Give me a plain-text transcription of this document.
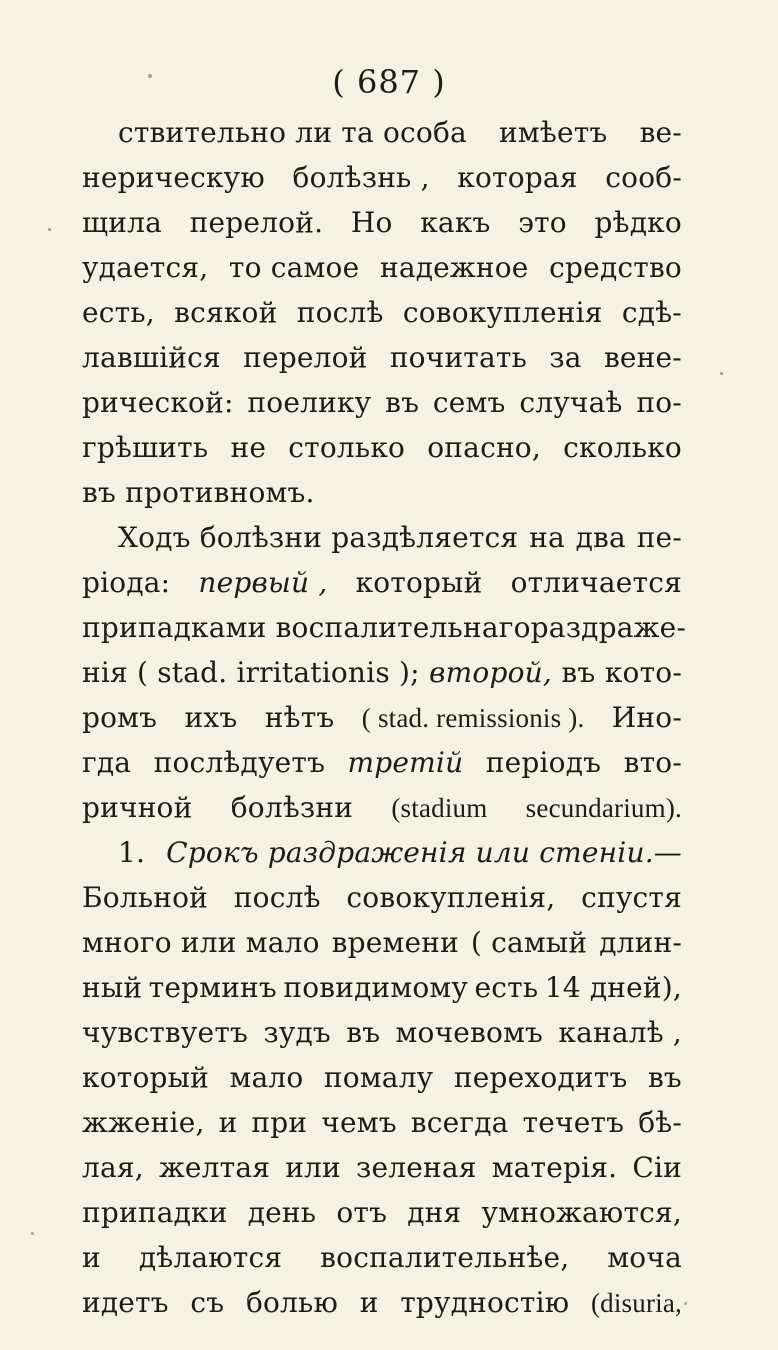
( 687 )
ствительно ли та особа имѣетъ ве-
нерическую болѣзнь , которая сооб-
щила перелой. Но какъ это рѣдко
удается, то самое надежное средство
есть, всякой послѣ совокупленія сдѣ-
лавшійся перелой почитать за вене-
рической: поелику въ семъ случаѣ по-
грѣшить не столько опасно, сколько
въ противномъ.
Ходъ болѣзни раздѣляется на два пе-
ріода: первый , который отличается
припадками воспалительнаго раздраже-
нія ( stad. irritationis ); второй, въ кото-
ромъ ихъ нѣтъ ( stad. remissionis ). Ино-
гда послѣдуетъ третій періодъ вто-
ричной болѣзни (stadium secundarium).
1. Срокъ раздраженія или стеніи.—
Больной послѣ совокупленія, спустя
много или мало времени ( самый длин-
ный терминъ повидимому есть 14 дней),
чувствуетъ зудъ въ мочевомъ каналѣ ,
который мало помалу переходитъ въ
жженіе, и при чемъ всегда течетъ бѣ-
лая, желтая или зеленая матерія. Сіи
припадки день отъ дня умножаются,
и дѣлаются воспалительнѣе, моча
идетъ съ болью и трудностію (disuria,
